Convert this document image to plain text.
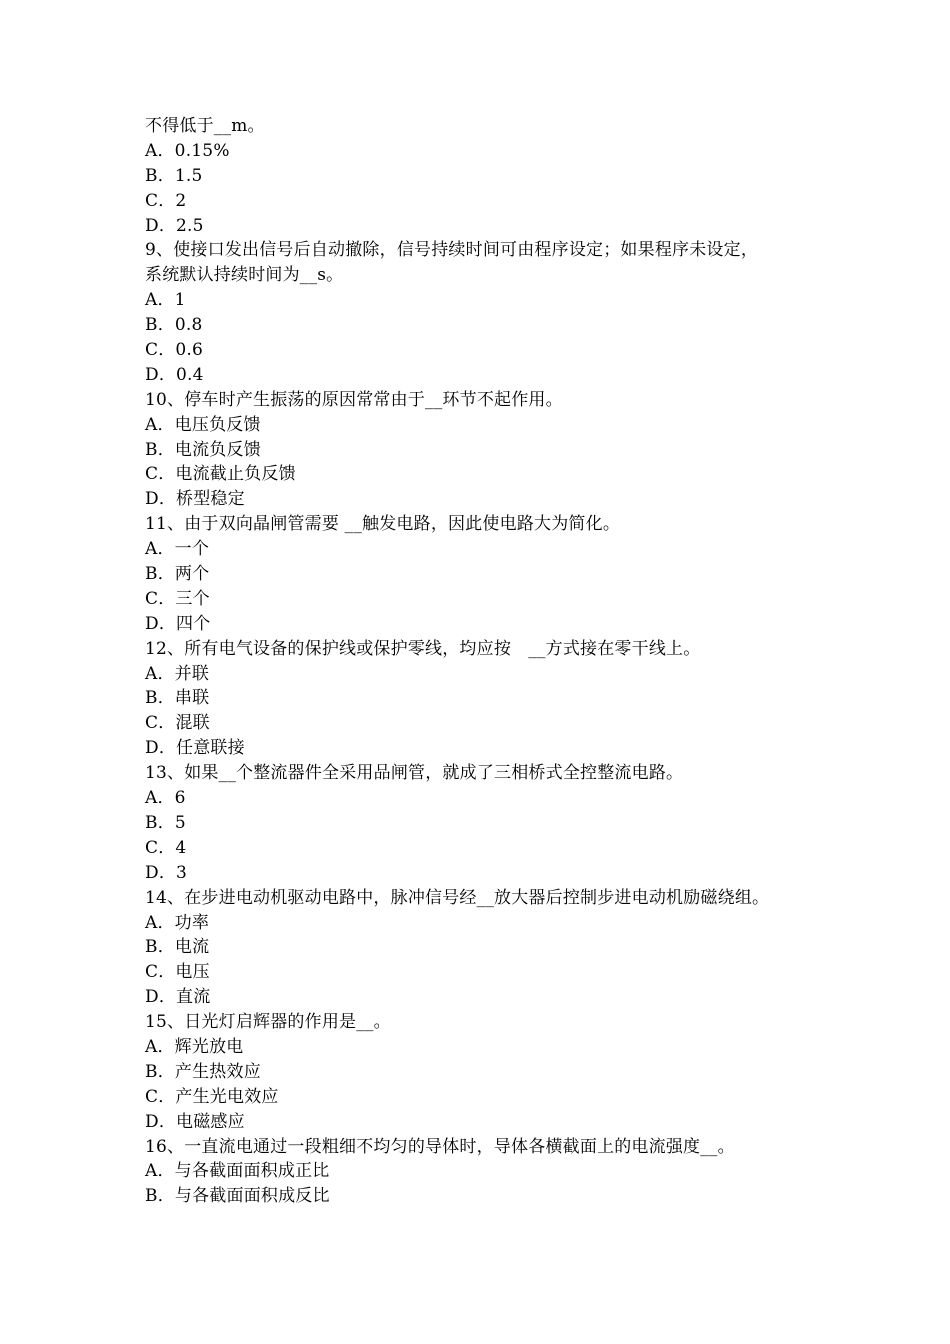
不得低于__m。
A．0.15%
B．1.5
C．2
D．2.5
9、使接口发出信号后自动撤除，信号持续时间可由程序设定；如果程序未设定，
系统默认持续时间为__s。
A．1
B．0.8
C．0.6
D．0.4
10、停车时产生振荡的原因常常由于__环节不起作用。
A．电压负反馈
B．电流负反馈
C．电流截止负反馈
D．桥型稳定
11、由于双向晶闸管需要 __触发电路，因此使电路大为简化。
A．一个
B．两个
C．三个
D．四个
12、所有电气设备的保护线或保护零线，均应按　__方式接在零干线上。
A．并联
B．串联
C．混联
D．任意联接
13、如果__个整流器件全采用品闸管，就成了三相桥式全控整流电路。
A．6
B．5
C．4
D．3
14、在步进电动机驱动电路中，脉冲信号经__放大器后控制步进电动机励磁绕组。
A．功率
B．电流
C．电压
D．直流
15、日光灯启辉器的作用是__。
A．辉光放电
B．产生热效应
C．产生光电效应
D．电磁感应
16、一直流电通过一段粗细不均匀的导体时，导体各横截面上的电流强度__。
A．与各截面面积成正比
B．与各截面面积成反比
